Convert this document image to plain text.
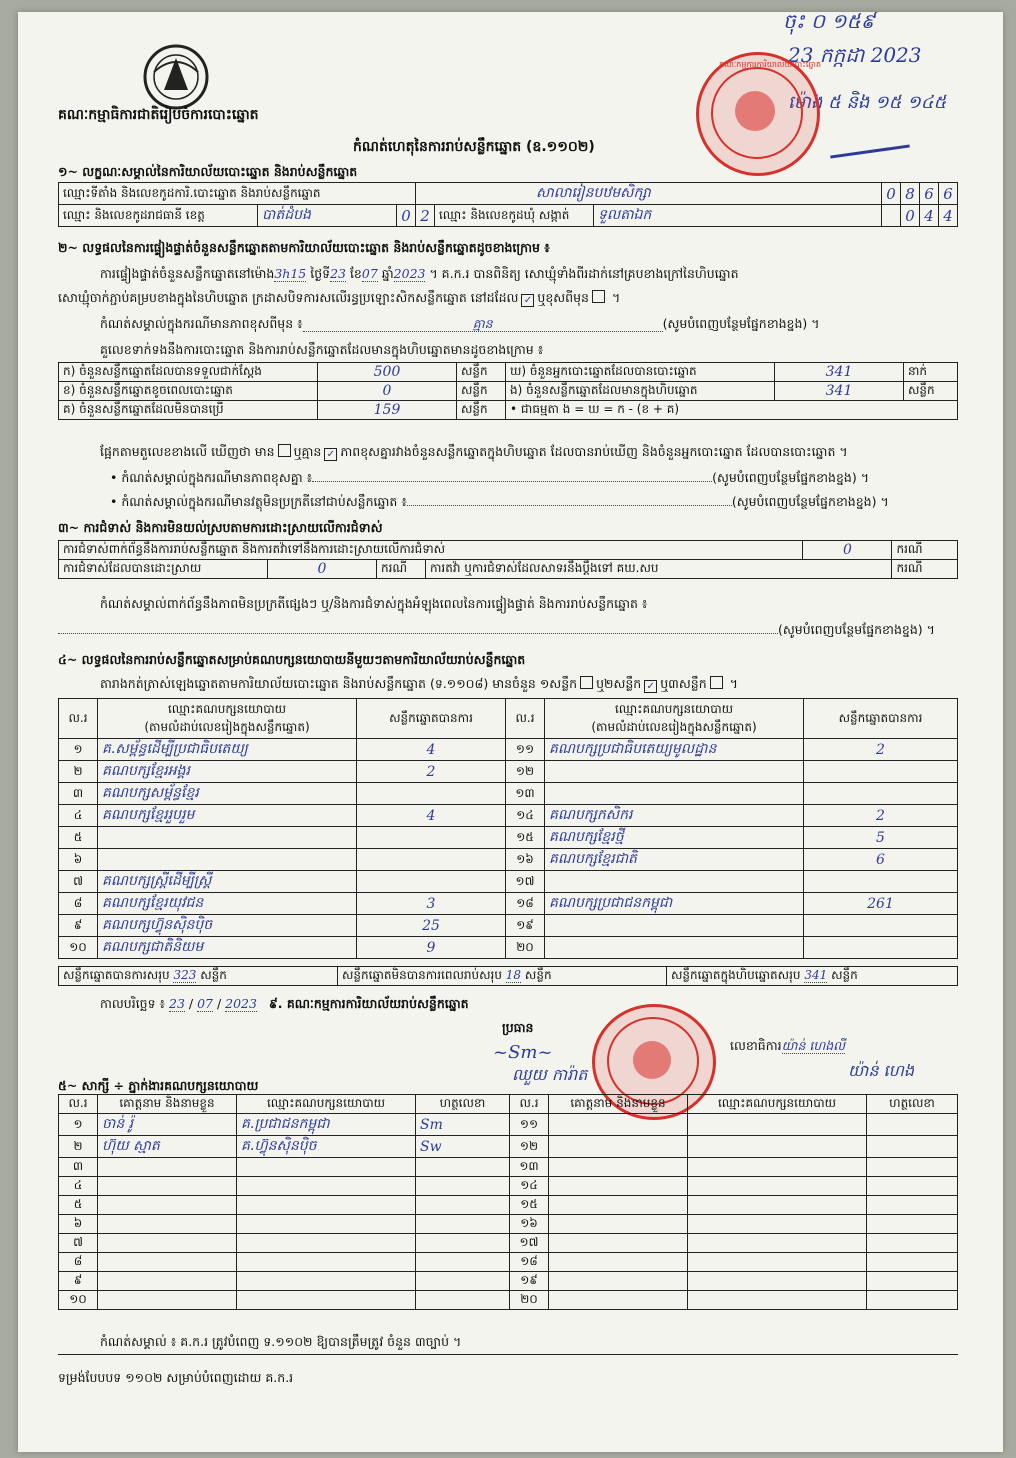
ចុះ ០ ១៥៩
23 កក្កដា 2023
ម៉ោង ៥ និង ១៥ ១៤៥
គណៈកម្មាធិការជាតិរៀបចំការបោះឆ្នោត
គណៈកម្មការការិយាល័យបោះឆ្នោត
កំណត់ហេតុនៃការរាប់សន្លឹកឆ្នោត (ឧ.១១០២)
១~ លក្ខណៈសម្គាល់នៃការិយាល័យបោះឆ្នោត និងរាប់សន្លឹកឆ្នោត
ឈ្មោះទីតាំង និងលេខកូដការិ.បោះឆ្នោត និងរាប់សន្លឹកឆ្នោត			សាលារៀនបឋមសិក្សា			0	8	6	6
ឈ្មោះ និងលេខកូដរាជធានី ខេត្ត	បាត់ដំបង	0	2	ឈ្មោះ និងលេខកូដឃុំ សង្កាត់	ទួលតាឯក		0	4	4
២~ លទ្ធផលនៃការផ្ទៀងផ្ទាត់ចំនួនសន្លឹកឆ្នោតតាមការិយាល័យបោះឆ្នោត និងរាប់សន្លឹកឆ្នោតដូចខាងក្រោម ៖
ការផ្ទៀងផ្ទាត់ចំនួនសន្លឹកឆ្នោតនៅម៉ោង3h15 ថ្ងៃទី23 ខែ07 ឆ្នាំ2023 ។ គ.ក.រ បានពិនិត្យ សោឃ្មុំទាំងពីរដាក់នៅគ្របខាងក្រៅនៃហិបឆ្នោត
សោឃ្មុំចាក់ភ្ជាប់គម្របខាងក្នុងនៃហិបឆ្នោត ក្រដាសបិទការសលើរន្ធប្រឡោះសិកសន្លឹកឆ្នោត នៅដដែល ✓ ឬខុសពីមុន ។
កំណត់សម្គាល់ក្នុងករណីមានភាពខុសពីមុន ៖	គ្មាន	(សូមបំពេញបន្ថែមផ្នែកខាងខ្នង) ។
គួលេខទាក់ទងនឹងការបោះឆ្នោត និងការរាប់សន្លឹកឆ្នោតដែលមានក្នុងហិបឆ្នោតមានដូចខាងក្រោម ៖
ក) ចំនួនសន្លឹកឆ្នោតដែលបានទទួលជាក់ស្តែង	500	សន្លឹក	ឃ) ចំនួនអ្នកបោះឆ្នោតដែលបានបោះឆ្នោត	341	នាក់
ខ) ចំនួនសន្លឹកឆ្នោតខូចពេលបោះឆ្នោត	0	សន្លឹក	ង) ចំនួនសន្លឹកឆ្នោតដែលមានក្នុងហិបឆ្នោត	341	សន្លឹក
គ) ចំនួនសន្លឹកឆ្នោតដែលមិនបានប្រើ	159	សន្លឹក	• ជាធម្មតា ង = ឃ = ក - (ខ + គ)		
ផ្អែកតាមតួលេខខាងលើ ឃើញថា មាន ឬគ្មាន ✓ ភាពខុសគ្នារវាងចំនួនសន្លឹកឆ្នោតក្នុងហិបឆ្នោត ដែលបានរាប់ឃើញ និងចំនួនអ្នកបោះឆ្នោត ដែលបានបោះឆ្នោត ។
• កំណត់សម្គាល់ក្នុងករណីមានភាពខុសគ្នា ៖	(សូមបំពេញបន្ថែមផ្នែកខាងខ្នង) ។
• កំណត់សម្គាល់ក្នុងករណីមានវត្ថុមិនប្រក្រតីនៅជាប់សន្លឹកឆ្នោត ៖	(សូមបំពេញបន្ថែមផ្នែកខាងខ្នង) ។
៣~ ការជំទាស់ និងការមិនយល់ស្របតាមការដោះស្រាយលើការជំទាស់
ការជំទាស់ពាក់ព័ន្ធនឹងការរាប់សន្លឹកឆ្នោត និងការតវ៉ាទៅនឹងការដោះស្រាយលើការជំទាស់				0	ករណី
ការជំទាស់ដែលបានដោះស្រាយ	0	ករណី	ការតវ៉ា ឬការជំទាស់ដែលសាទរនឹងប្តឹងទៅ គឃ.សប		ករណី
កំណត់សម្គាល់ពាក់ព័ន្ធនឹងភាពមិនប្រក្រតីផ្សេងៗ ឬ/និងការជំទាស់ក្នុងអំឡុងពេលនៃការផ្ទៀងផ្ទាត់ និងការរាប់សន្លឹកឆ្នោត ៖
(សូមបំពេញបន្ថែមផ្នែកខាងខ្នង) ។
៤~ លទ្ធផលនៃការរាប់សន្លឹកឆ្នោតសម្រាប់គណបក្សនយោបាយនីមួយៗតាមការិយាល័យរាប់សន្លឹកឆ្នោត
តារាងកត់ត្រាស់ឡេងឆ្នោតតាមការិយាល័យបោះឆ្នោត និងរាប់សន្លឹកឆ្នោត (ទ.១១០៨) មានចំនួន ១សន្លឹក ឬ២សន្លឹក ✓ ឬ៣សន្លឹក ។
ល.រ	ឈ្មោះគណបក្សនយោបាយ
(តាមលំដាប់លេខរៀងក្នុងសន្លឹកឆ្នោត)	សន្លឹកឆ្នោតបានការ	ល.រ	ឈ្មោះគណបក្សនយោបាយ
(តាមលំដាប់លេខរៀងក្នុងសន្លឹកឆ្នោត)	សន្លឹកឆ្នោតបានការ
១	គ.សម្ព័ន្ធដើម្បីប្រជាធិបតេយ្យ	4	១១	គណបក្សប្រជាធិបតេយ្យមូលដ្ឋាន	2
២	គណបក្សខ្មែរអង្គរ	2	១២		
៣	គណបក្សសម្ព័ន្ធខ្មែរ		១៣		
៤	គណបក្សខ្មែររួបរួម	4	១៤	គណបក្សកសិករ	2
៥			១៥	គណបក្សខ្មែរថ្មី	5
៦			១៦	គណបក្សខ្មែរជាតិ	6
៧	គណបក្សស្ត្រីដើម្បីស្ត្រី		១៧		
៨	គណបក្សខ្មែរយុវជន	3	១៨	គណបក្សប្រជាជនកម្ពុជា	261
៩	គណបក្សហ៊្វុនស៊ិនប៉ិច	25	១៩		
១០	គណបក្សជាតិនិយម	9	២០		
សន្លឹកឆ្នោតបានការសរុប 323 សន្លឹក	សន្លឹកឆ្នោតមិនបានការពេលរាប់សរុប 18 សន្លឹក	សន្លឹកឆ្នោតក្នុងហិបឆ្នោតសរុប 341 សន្លឹក
កាលបរិច្ឆេទ ៖ 23 / 07 / 2023 ៩. គណៈកម្មការការិយាល័យរាប់សន្លឹកឆ្នោត
ប្រធាន
~Sm~
ឈួយ ការ៉ាត
លេខាធិការយ៉ាន់ ហេងលី
យ៉ាន់ ហេង
៥~ សាក្សី ÷ ភ្នាក់ងារគណបក្សនយោបាយ
ល.រ	គោត្តនាម និងនាមខ្លួន	ឈ្មោះគណបក្សនយោបាយ	ហត្ថលេខា	ល.រ	គោត្តនាម និងនាមខ្លួន	ឈ្មោះគណបក្សនយោបាយ	ហត្ថលេខា
១	ចាន់ រ៉ូ	គ.ប្រជាជនកម្ពុជា	Sm	១១			
២	ហ៊ុយ ស្មាត	គ.ហ៊្វុនស៊ិនប៉ិច	Sw	១២			
៣				១៣			
៤				១៤			
៥				១៥			
៦				១៦			
៧				១៧			
៨				១៨			
៩				១៩			
១០				២០			
កំណត់សម្គាល់ ៖ គ.ក.រ ត្រូវបំពេញ ទ.១១០២ ឱ្យបានត្រឹមត្រូវ ចំនួន ៣ច្បាប់ ។
ទម្រង់បែបបទ ១១០២ សម្រាប់បំពេញដោយ គ.ក.រ
